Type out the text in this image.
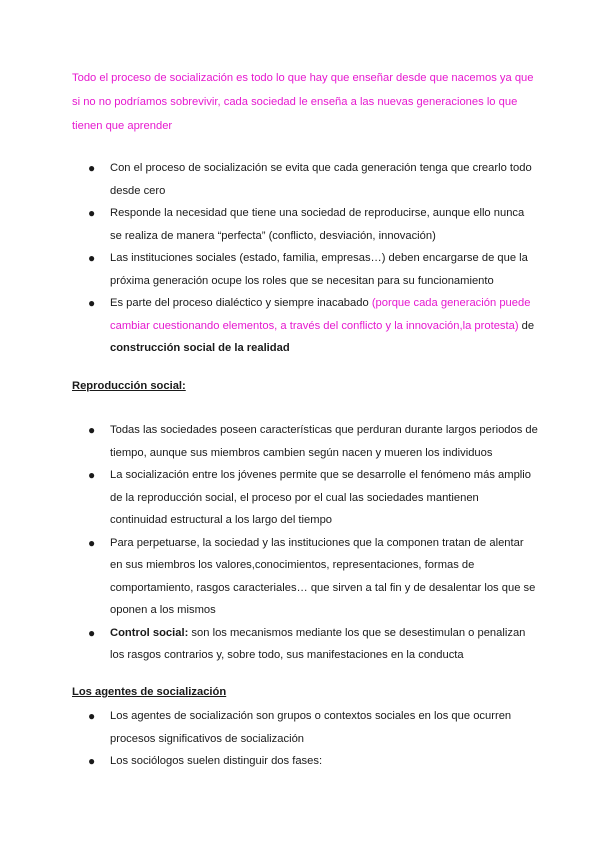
Todo el proceso de socialización es todo lo que hay que enseñar desde que nacemos ya que si no no podríamos sobrevivir, cada sociedad le enseña a las nuevas generaciones lo que tienen que aprender
● Con el proceso de socialización se evita que cada generación tenga que crearlo todo desde cero
● Responde la necesidad que tiene una sociedad de reproducirse, aunque ello nunca se realiza de manera “perfecta” (conflicto, desviación, innovación)
● Las instituciones sociales (estado, familia, empresas…) deben encargarse de que la próxima generación ocupe los roles que se necesitan para su funcionamiento
● Es parte del proceso dialéctico y siempre inacabado (porque cada generación puede cambiar cuestionando elementos, a través del conflicto y la innovación,la protesta) de construcción social de la realidad
Reproducción social:
● Todas las sociedades poseen características que perduran durante largos periodos de tiempo, aunque sus miembros cambien según nacen y mueren los individuos
● La socialización entre los jóvenes permite que se desarrolle el fenómeno más amplio de la reproducción social, el proceso por el cual las sociedades mantienen continuidad estructural a los largo del tiempo
● Para perpetuarse, la sociedad y las instituciones que la componen tratan de alentar en sus miembros los valores,conocimientos, representaciones, formas de comportamiento, rasgos caracteriales… que sirven a tal fin y de desalentar los que se oponen a los mismos
● Control social: son los mecanismos mediante los que se desestimulan o penalizan los rasgos contrarios y, sobre todo, sus manifestaciones en la conducta
Los agentes de socialización
● Los agentes de socialización son grupos o contextos sociales en los que ocurren procesos significativos de socialización
● Los sociólogos suelen distinguir dos fases:
